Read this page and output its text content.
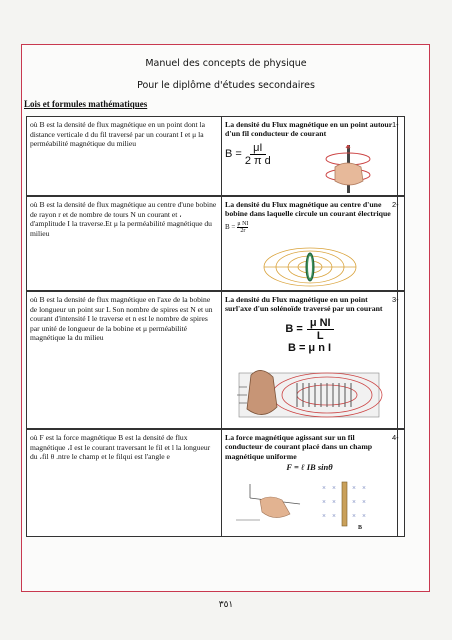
Manuel des concepts de physique
Pour le diplôme d'études secondaires
Lois et formules mathématiques
où B est la densité de flux magnétique en un point dont la distance verticale d du fil traversé par un courant I et μ la perméabilité magnétique du milieu
La densité du Flux magnétique en un point autour d'un fil conducteur de courant
$B = \frac{\mu I}{\text{2 π d}}$
1-
où B est la densité de flux magnétique au centre d'une bobine de rayon r et de nombre de tours N un courant et ، d'amplitude I la traverse.Et μ la perméabilité magnétique du milieu
La densité du Flux magnétique au centre d'une bobine dans laquelle circule un courant électrique
$B = \frac{\text{μ NI}}{2r}$
2-
où B est la densité de flux magnétique en l'axe de la bobine de longueur un point sur L Son nombre de spires est N et un courant d'intensité I le traverse et n est le nombre de spires par unité de longueur de la bobine et μ perméabilité magnétique la du milieu
La densité du Flux magnétique en un point surl'axe d'un solénoïde traversé par un courant
$B = \frac{\text{μ NI}}{L}$
B = μ n I
3-
où F est la force magnétique B est la densité de flux magnétique ،I est le courant traversant le fil et l la longueur du ،fil θ .ntre le champ et le filqui est l'angle e
La force magnétique agissant sur un fil conducteur de courant placé dans un champ magnétique uniforme
F = ℓ IB sinθ
× × × ×
× × × ×
× × × ×
B
4-
٣٥١
